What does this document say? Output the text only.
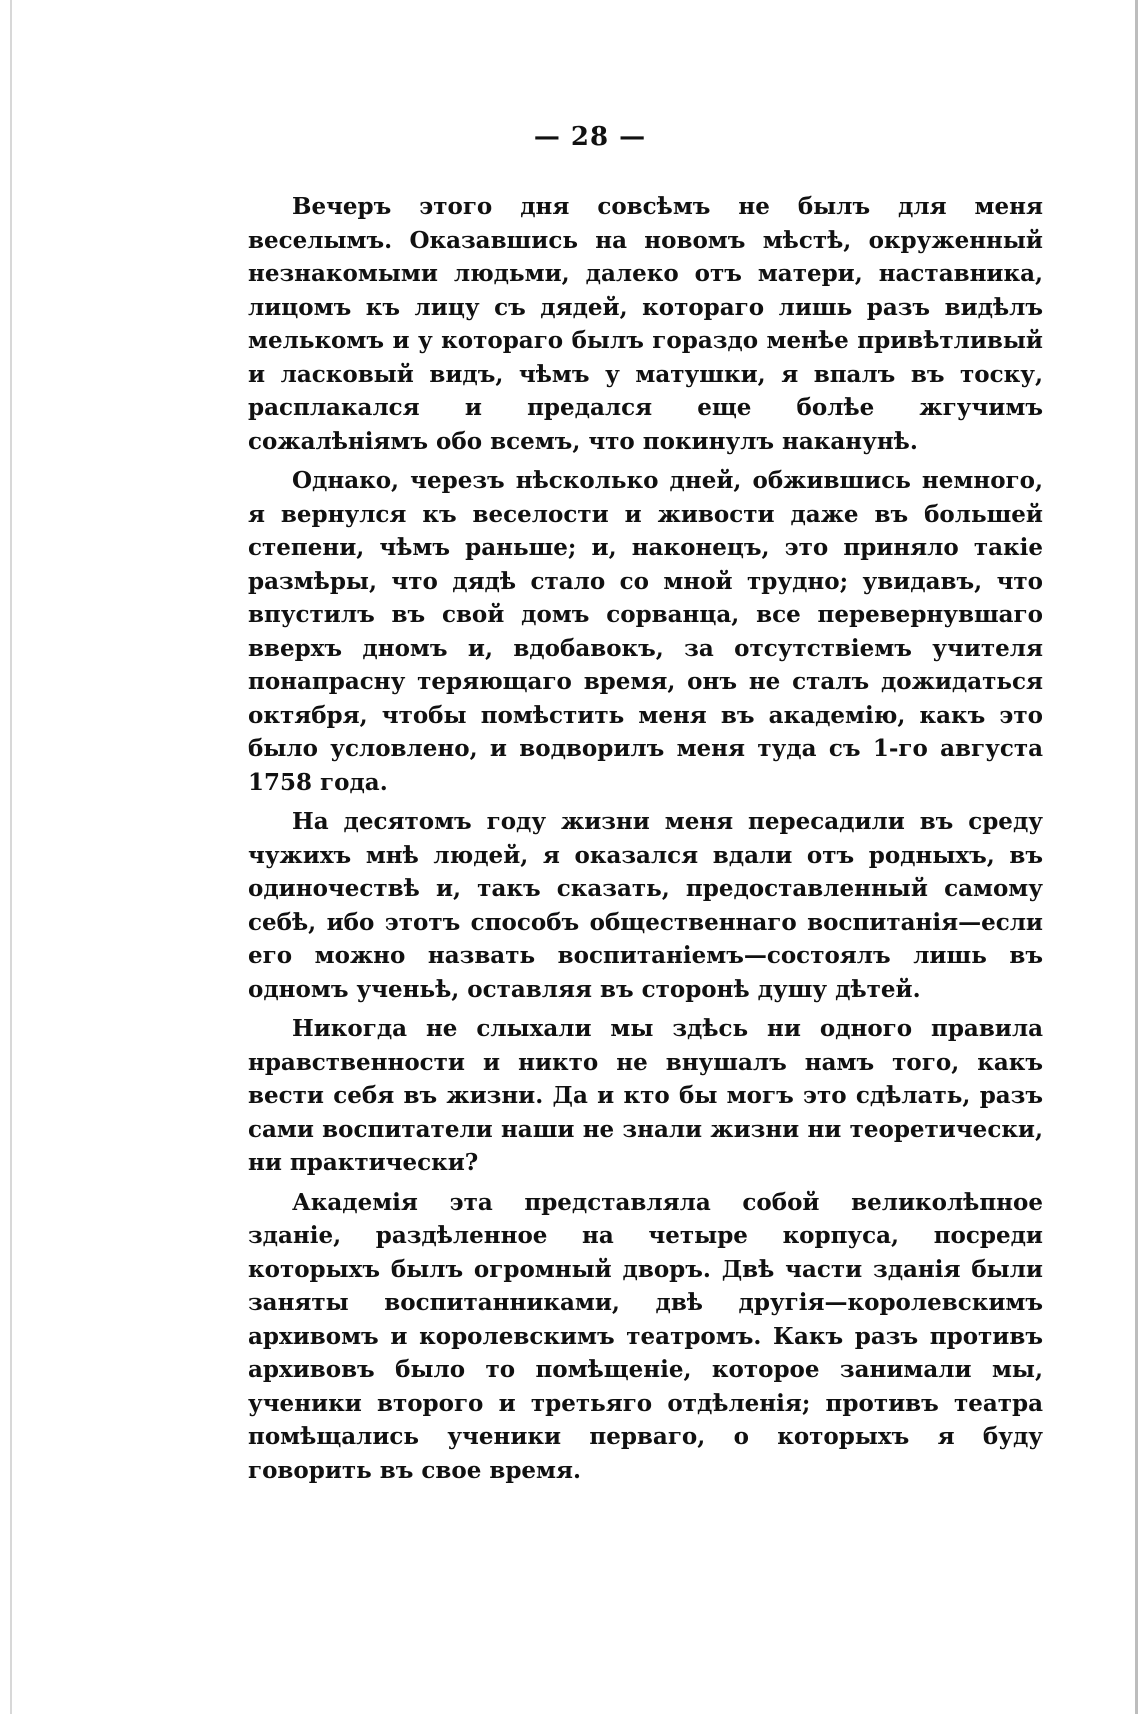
— 28 —

Вечеръ этого дня совсѣмъ не былъ для меня веселымъ. Оказавшись на новомъ мѣстѣ, окруженный незнакомыми людьми, далеко отъ матери, наставника, лицомъ къ лицу съ дядей, котораго лишь разъ видѣлъ мелькомъ и у котораго былъ гораздо менѣе привѣтливый и ласковый видъ, чѣмъ у матушки, я впалъ въ тоску, расплакался и предался еще болѣе жгучимъ сожалѣніямъ обо всемъ, что покинулъ наканунѣ.

Однако, черезъ нѣсколько дней, обжившись немного, я вернулся къ веселости и живости даже въ большей степени, чѣмъ раньше; и, наконецъ, это приняло такіе размѣры, что дядѣ стало со мной трудно; увидавъ, что впустилъ въ свой домъ сорванца, все перевернувшаго вверхъ дномъ и, вдобавокъ, за отсутствіемъ учителя понапрасну теряющаго время, онъ не сталъ дожидаться октября, чтобы помѣстить меня въ академію, какъ это было условлено, и водворилъ меня туда съ 1-го августа 1758 года.

На десятомъ году жизни меня пересадили въ среду чужихъ мнѣ людей, я оказался вдали отъ родныхъ, въ одиночествѣ и, такъ сказать, предоставленный самому себѣ, ибо этотъ способъ общественнаго воспитанія—если его можно назвать воспитаніемъ—состоялъ лишь въ одномъ ученьѣ, оставляя въ сторонѣ душу дѣтей.

Никогда не слыхали мы здѣсь ни одного правила нравственности и никто не внушалъ намъ того, какъ вести себя въ жизни. Да и кто бы могъ это сдѣлать, разъ сами воспитатели наши не знали жизни ни теоретически, ни практически?

Академія эта представляла собой великолѣпное зданіе, раздѣленное на четыре корпуса, посреди которыхъ былъ огромный дворъ. Двѣ части зданія были заняты воспитанниками, двѣ другія—королевскимъ архивомъ и королевскимъ театромъ. Какъ разъ противъ архивовъ было то помѣщеніе, которое занимали мы, ученики второго и третьяго отдѣленія; противъ театра помѣщались ученики перваго, о которыхъ я буду говорить въ свое время.
